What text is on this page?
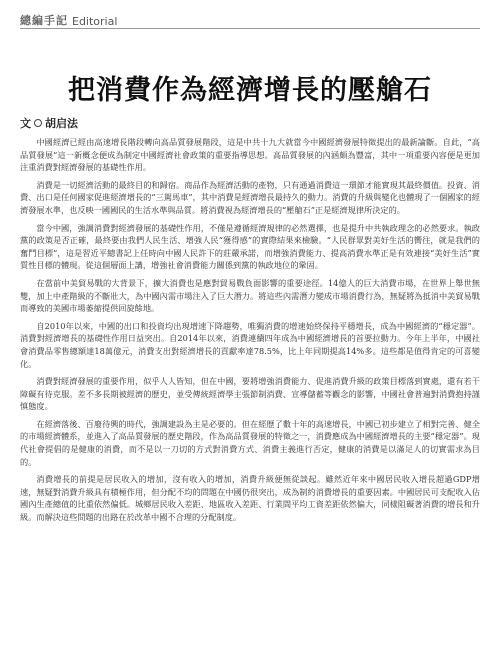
總編手記 Editorial
把消費作為經濟增長的壓艙石
文 胡启法

中國經濟已經由高速增長階段轉向高品質發展階段，這是中共十九大就當今中國經濟發展特徵提出的最新論斷。自此，“高品質發展”這一新概念便成為制定中國經濟社會政策的重要指導思想。高品質發展的內涵頗為豐富，其中一項重要內容便是更加注重消費對經濟發展的基礎性作用。

消費是一切經濟活動的最終目的和歸宿。商品作為經濟活動的產物，只有通過消費這一環節才能實現其最終價值。投資、消費、出口是任何國家促進經濟增長的“三駕馬車”，其中消費是經濟增長最持久的動力。消費的升級與變化也體現了一個國家的經濟發展水準，也反映一國國民的生活水準與品質。將消費視為經濟增長的“壓艙石”正是經濟規律所決定的。

當今中國，強調消費對經濟發展的基礎性作用，不僅是遵循經濟規律的必然選擇，也是提升中共執政理念的必然要求。執政黨的政策是否正確，最終要由我們人民生活、增強人民“獲得感”的實際結果來檢驗。“人民群眾對美好生活的嚮往，就是我們的奮鬥目標”，這是習近平總書記上任時向中國人民許下的莊嚴承諾，而增強消費能力、提高消費水準正是有效連接“美好生活”實質性目標的體現。從這個層面上講，增強社會消費能力關係到黨的執政地位的鞏固。

在當前中美貿易戰的大背景下，擴大消費也是應對貿易戰負面影響的重要途徑。14億人的巨大消費市場，在世界上舉世無雙，加上中產階級的不斷壯大，為中國內需市場注入了巨大潛力。將這些內需潛力變成市場消費行為，無疑將為抵消中美貿易戰而導致的美國市場萎縮提供回旋餘地。

自2010年以來，中國的出口和投資均出現增速下降趨勢，唯獨消費的增速始終保持平穩增長，成為中國經濟的“穩定器”。消費對經濟增長的基礎性作用日益突出。自2014年以來，消費連續四年成為中國經濟增長的首要拉動力。今年上半年，中國社會消費品零售總額達18萬億元，消費支出對經濟增長的貢獻率達78.5%，比上年同期提高14%多。這些都是值得肯定的可喜變化。

消費對經濟發展的重要作用，似乎人人皆知，但在中國，要將增強消費能力、促進消費升級的政策目標落到實處，還有若干障礙有待克服。差不多長期被經濟的歷史，並受傳統經濟學主張節制消費、宣導儲蓄等觀念的影響，中國社會普遍對消費抱持謹慎態度。

在經濟落後、百廢待興的時代，強調建設為主是必要的。但在經歷了數十年的高速增長，中國已初步建立了相對完善、健全的市場經濟體系，並進入了高品質發展的歷史階段，作為高品質發展的特徵之一，消費應成為中國經濟增長的主要“穩定器”。現代社會提倡的是健康的消費，而不是以一刀切的方式對消費方式、消費主義進行否定，健康的消費是以滿足人的切實需求為目的。

消費增長的前提是居民收入的增加，沒有收入的增加，消費升級便無從談起。雖然近年來中國居民收入增長超過GDP增速，無疑對消費升級具有積極作用，但分配不均的問題在中國仍很突出，成為制約消費增長的重要因素。中國居民可支配收入佔國內生產總值的比重依然偏低。城鄉居民收入差距、地區收入差距、行業間平均工資差距依然偏大，同樣阻礙著消費的增長和升級。而解決這些問題的出路在於改革中國不合理的分配制度。
